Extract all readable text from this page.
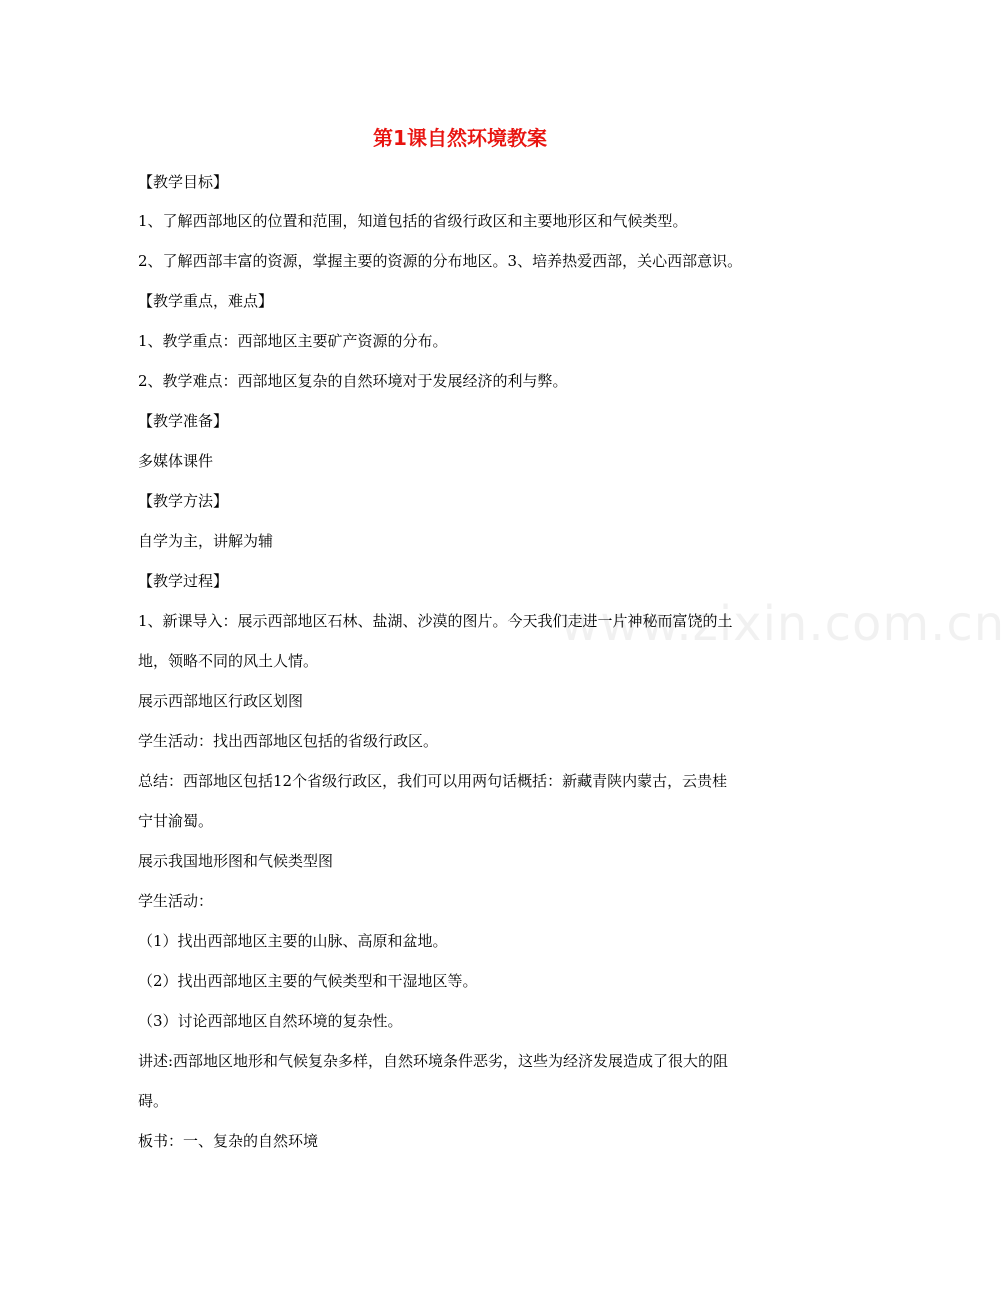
第1课自然环境教案
www.zixin.com.cn
【教学目标】
1、了解西部地区的位置和范围，知道包括的省级行政区和主要地形区和气候类型。
2、了解西部丰富的资源，掌握主要的资源的分布地区。3、培养热爱西部，关心西部意识。
【教学重点，难点】
1、教学重点：西部地区主要矿产资源的分布。
2、教学难点：西部地区复杂的自然环境对于发展经济的利与弊。
【教学准备】
多媒体课件
【教学方法】
自学为主，讲解为辅
【教学过程】
1、新课导入：展示西部地区石林、盐湖、沙漠的图片。今天我们走进一片神秘而富饶的土
地，领略不同的风土人情。
展示西部地区行政区划图
学生活动：找出西部地区包括的省级行政区。
总结：西部地区包括12个省级行政区，我们可以用两句话概括：新藏青陕内蒙古，云贵桂
宁甘渝蜀。
展示我国地形图和气候类型图
学生活动：
（1）找出西部地区主要的山脉、高原和盆地。
（2）找出西部地区主要的气候类型和干湿地区等。
（3）讨论西部地区自然环境的复杂性。
讲述:西部地区地形和气候复杂多样，自然环境条件恶劣，这些为经济发展造成了很大的阻
碍。
板书：一、复杂的自然环境
